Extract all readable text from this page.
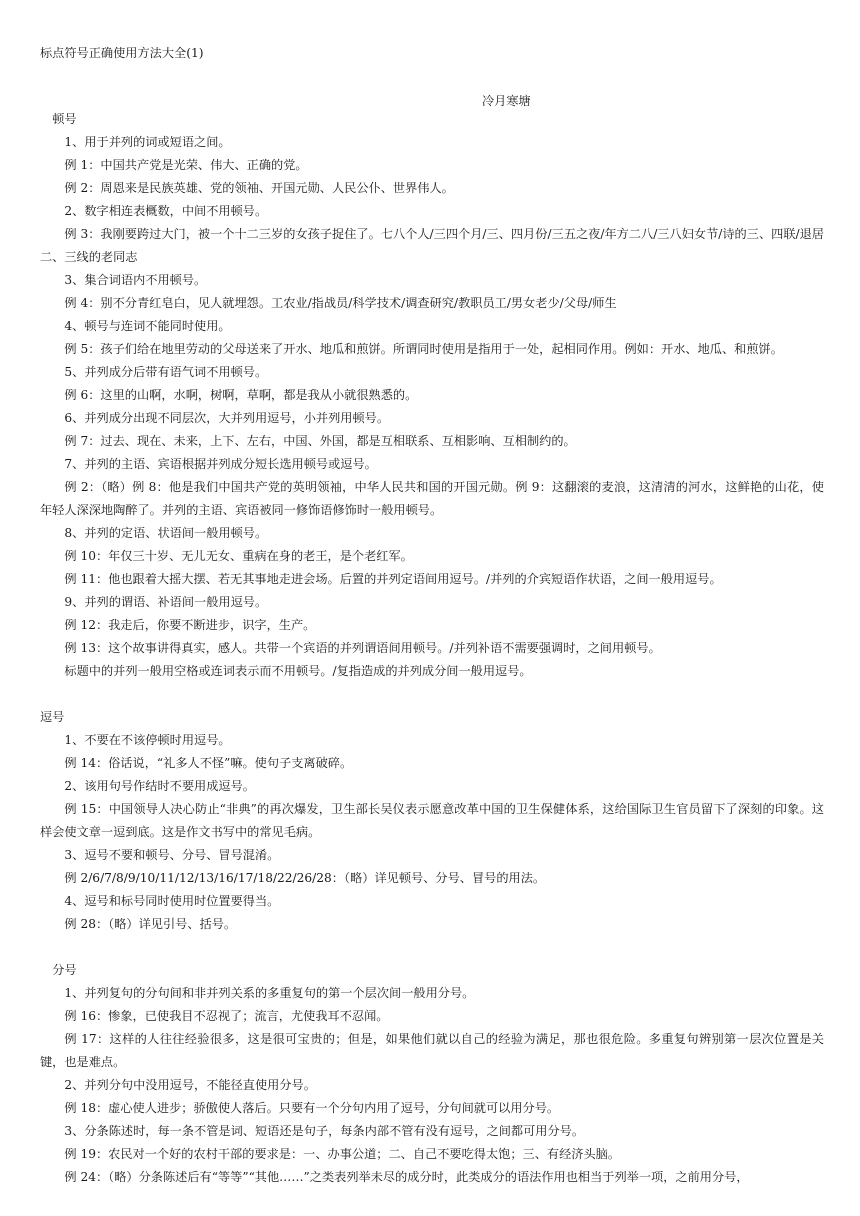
标点符号正确使用方法大全(1)
冷月寒塘

顿号

1、用于并列的词或短语之间。

例 1：中国共产党是光荣、伟大、正确的党。

例 2：周恩来是民族英雄、党的领袖、开国元勋、人民公仆、世界伟人。

2、数字相连表概数，中间不用顿号。

例 3：我刚要跨过大门，被一个十二三岁的女孩子捉住了。七八个人/三四个月/三、四月份/三五之夜/年方二八/三八妇女节/诗的三、四联/退居二、三线的老同志

3、集合词语内不用顿号。

例 4：别不分青红皂白，见人就埋怨。工农业/指战员/科学技术/调查研究/教职员工/男女老少/父母/师生

4、顿号与连词不能同时使用。

例 5：孩子们给在地里劳动的父母送来了开水、地瓜和煎饼。所谓同时使用是指用于一处，起相同作用。例如：开水、地瓜、和煎饼。

5、并列成分后带有语气词不用顿号。

例 6：这里的山啊，水啊，树啊，草啊，都是我从小就很熟悉的。

6、并列成分出现不同层次，大并列用逗号，小并列用顿号。

例 7：过去、现在、未来，上下、左右，中国、外国，都是互相联系、互相影响、互相制约的。

7、并列的主语、宾语根据并列成分短长选用顿号或逗号。

例 2：（略）例 8：他是我们中国共产党的英明领袖，中华人民共和国的开国元勋。例 9：这翻滚的麦浪，这清清的河水，这鲜艳的山花，使年轻人深深地陶醉了。并列的主语、宾语被同一修饰语修饰时一般用顿号。

8、并列的定语、状语间一般用顿号。

例 10：年仅三十岁、无儿无女、重病在身的老王，是个老红军。

例 11：他也跟着大摇大摆、若无其事地走进会场。后置的并列定语间用逗号。/并列的介宾短语作状语，之间一般用逗号。

9、并列的谓语、补语间一般用逗号。

例 12：我走后，你要不断进步，识字，生产。

例 13：这个故事讲得真实，感人。共带一个宾语的并列谓语间用顿号。/并列补语不需要强调时，之间用顿号。

标题中的并列一般用空格或连词表示而不用顿号。/复指造成的并列成分间一般用逗号。

逗号

1、不要在不该停顿时用逗号。

例 14：俗话说，“礼多人不怪”嘛。使句子支离破碎。

2、该用句号作结时不要用成逗号。

例 15：中国领导人决心防止“非典”的再次爆发，卫生部长吴仪表示愿意改革中国的卫生保健体系，这给国际卫生官员留下了深刻的印象。这样会使文章一逗到底。这是作文书写中的常见毛病。

3、逗号不要和顿号、分号、冒号混淆。

例 2/6/7/8/9/10/11/12/13/16/17/18/22/26/28：（略）详见顿号、分号、冒号的用法。

4、逗号和标号同时使用时位置要得当。

例 28：（略）详见引号、括号。

分号

1、并列复句的分句间和非并列关系的多重复句的第一个层次间一般用分号。

例 16：惨象，已使我目不忍视了；流言，尤使我耳不忍闻。

例 17：这样的人往往经验很多，这是很可宝贵的；但是，如果他们就以自己的经验为满足，那也很危险。多重复句辨别第一层次位置是关键，也是难点。

2、并列分句中没用逗号，不能径直使用分号。

例 18：虚心使人进步；骄傲使人落后。只要有一个分句内用了逗号，分句间就可以用分号。

3、分条陈述时，每一条不管是词、短语还是句子，每条内部不管有没有逗号，之间都可用分号。

例 19：农民对一个好的农村干部的要求是：一、办事公道；二、自己不要吃得太饱；三、有经济头脑。

例 24：（略）分条陈述后有“等等”“其他……”之类表列举未尽的成分时，此类成分的语法作用也相当于列举一项，之前用分号，
